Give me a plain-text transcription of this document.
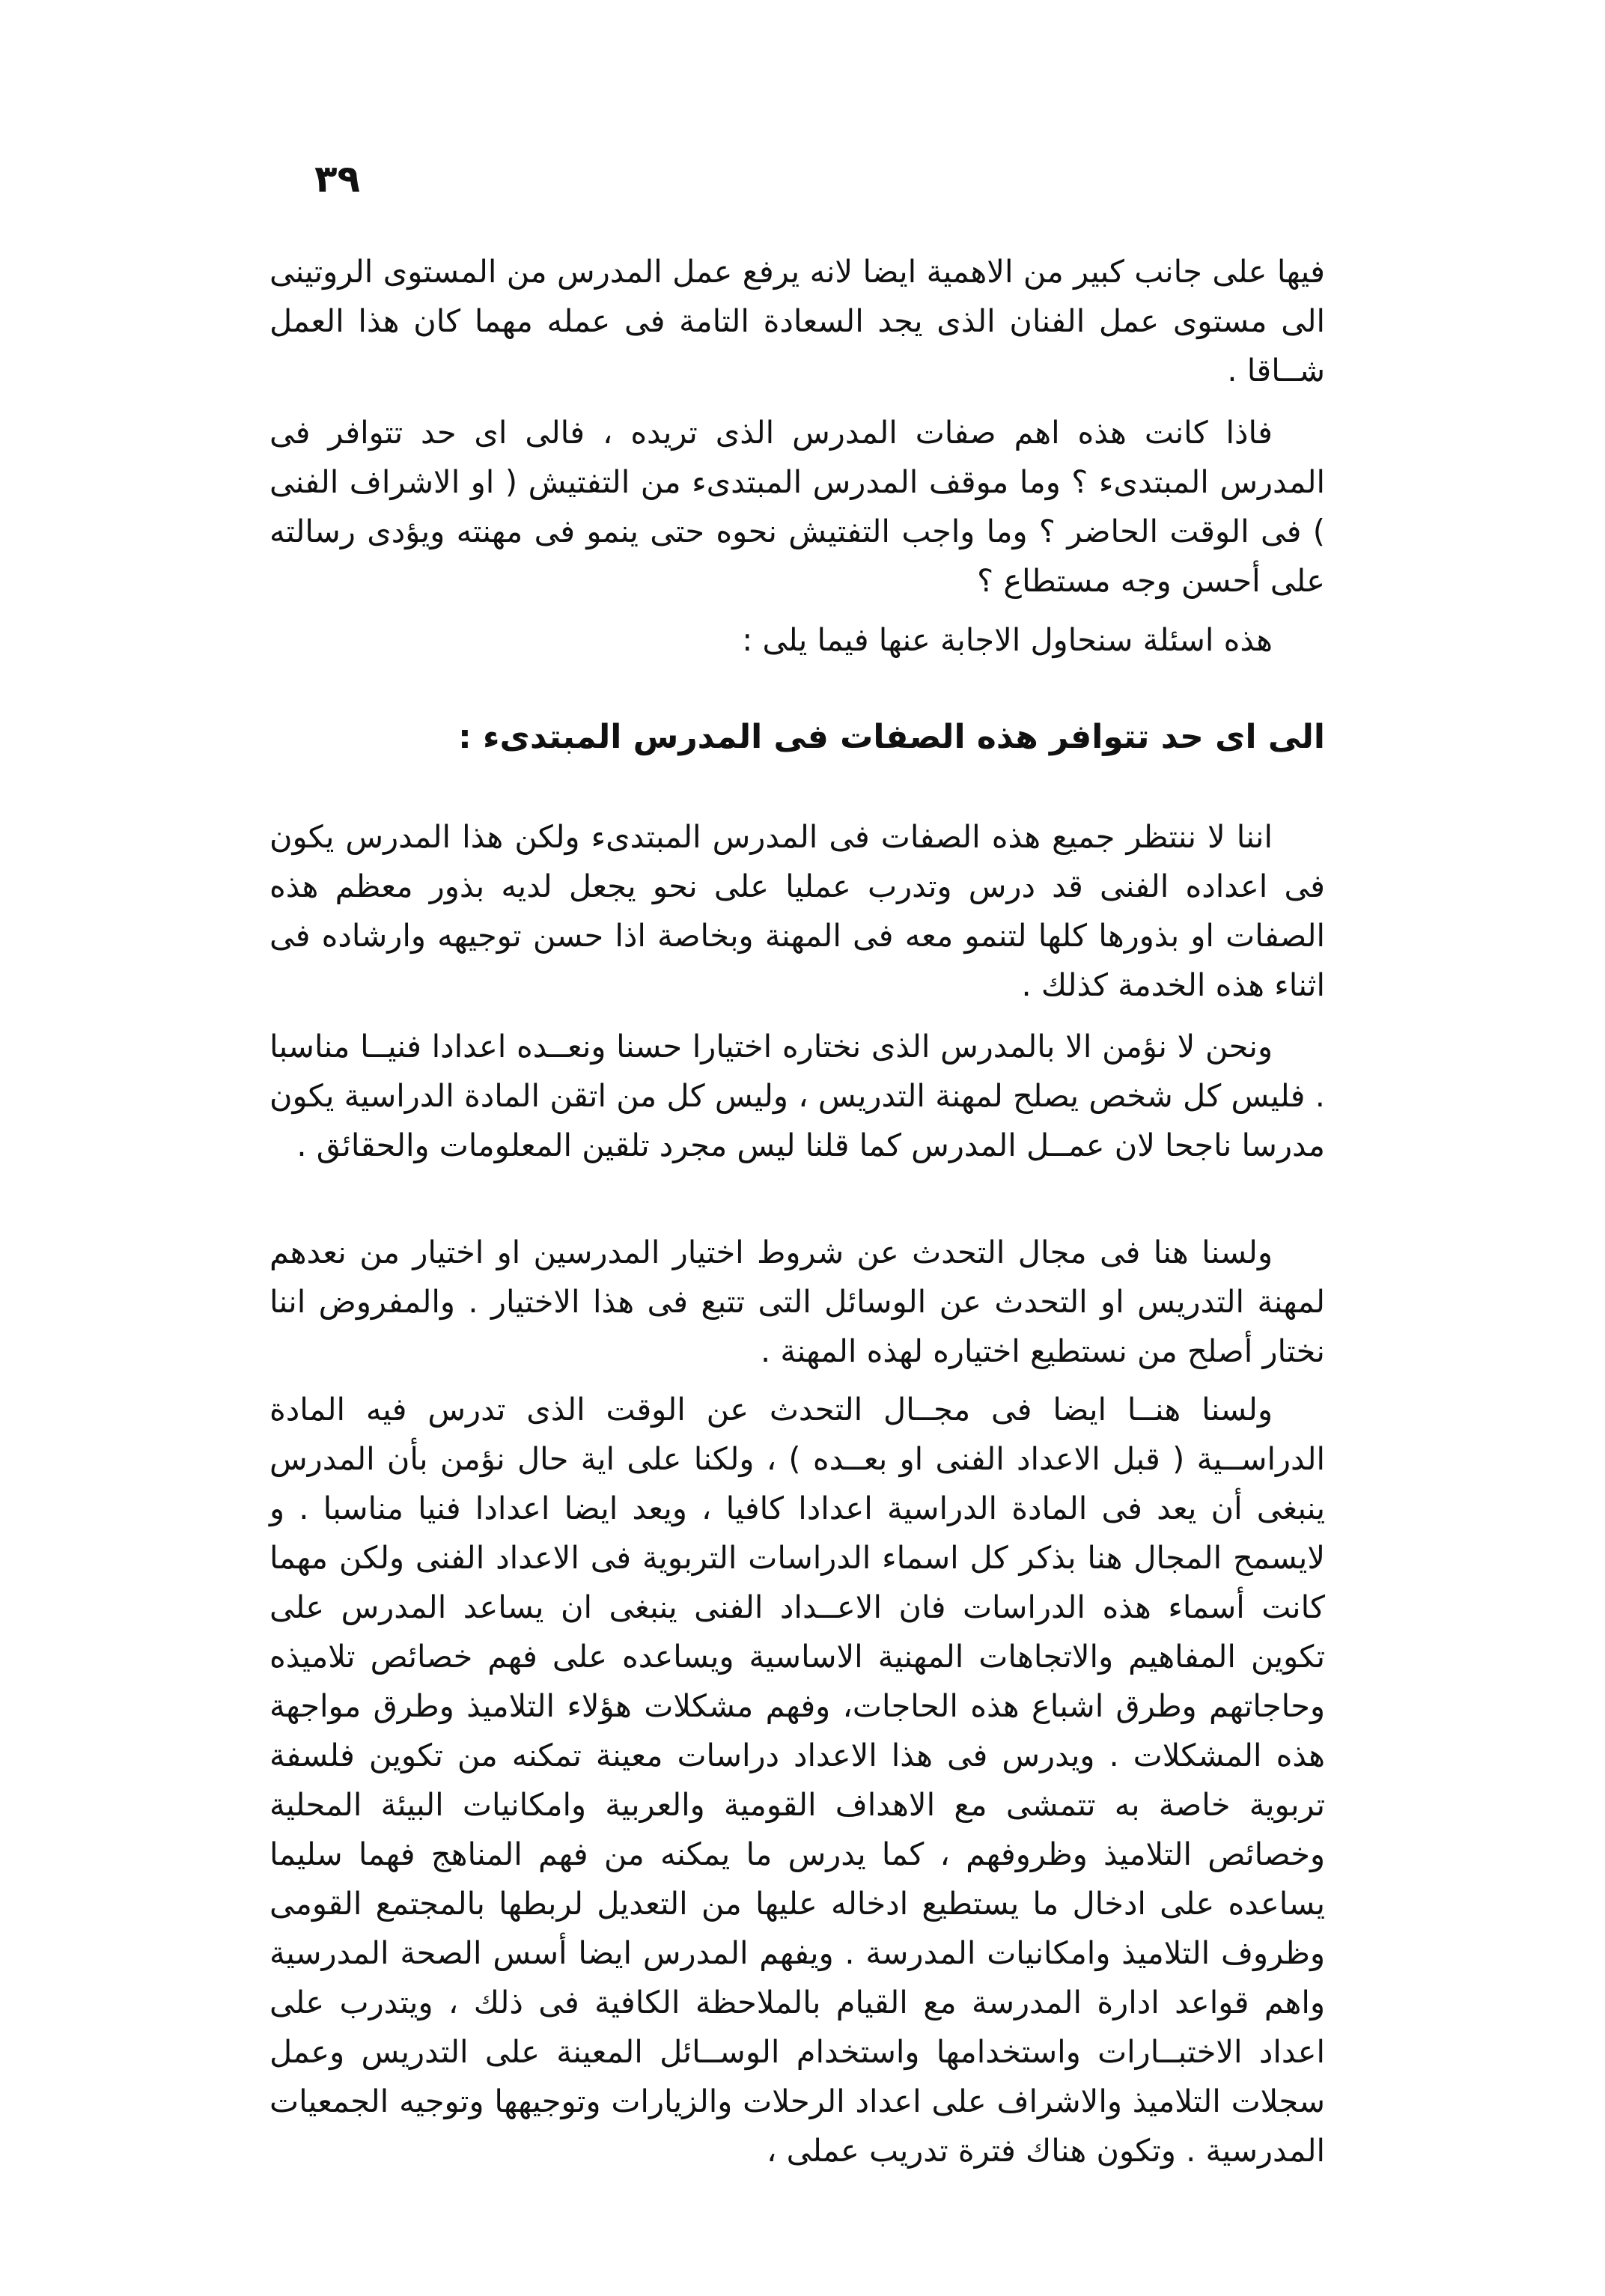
٣٩

فيها على جانب كبير من الاهمية ايضا لانه يرفع عمل المدرس من المستوى الروتينى الى مستوى عمل الفنان الذى يجد السعادة التامة فى عمله مهما كان هذا العمل شــاقا .

فاذا كانت هذه اهم صفات المدرس الذى تريده ، فالى اى حد تتوافر فى المدرس المبتدىء ؟ وما موقف المدرس المبتدىء من التفتيش ( او الاشراف الفنى ) فى الوقت الحاضر ؟ وما واجب التفتيش نحوه حتى ينمو فى مهنته ويؤدى رسالته على أحسن وجه مستطاع ؟

هذه اسئلة سنحاول الاجابة عنها فيما يلى :

الى اى حد تتوافر هذه الصفات فى المدرس المبتدىء :

اننا لا ننتظر جميع هذه الصفات فى المدرس المبتدىء ولكن هذا المدرس يكون فى اعداده الفنى قد درس وتدرب عمليا على نحو يجعل لديه بذور معظم هذه الصفات او بذورها كلها لتنمو معه فى المهنة وبخاصة اذا حسن توجيهه وارشاده فى اثناء هذه الخدمة كذلك .

ونحن لا نؤمن الا بالمدرس الذى نختاره اختيارا حسنا ونعــده اعدادا فنيــا مناسبا . فليس كل شخص يصلح لمهنة التدريس ، وليس كل من اتقن المادة الدراسية يكون مدرسا ناجحا لان عمــل المدرس كما قلنا ليس مجرد تلقين المعلومات والحقائق .

ولسنا هنا فى مجال التحدث عن شروط اختيار المدرسين او اختيار من نعدهم لمهنة التدريس او التحدث عن الوسائل التى تتبع فى هذا الاختيار . والمفروض اننا نختار أصلح من نستطيع اختياره لهذه المهنة .

ولسنا هنــا ايضا فى مجــال التحدث عن الوقت الذى تدرس فيه المادة الدراســية ( قبل الاعداد الفنى او بعــده ) ، ولكنا على اية حال نؤمن بأن المدرس ينبغى أن يعد فى المادة الدراسية اعدادا كافيا ، ويعد ايضا اعدادا فنيا مناسبا . و لايسمح المجال هنا بذكر كل اسماء الدراسات التربوية فى الاعداد الفنى ولكن مهما كانت أسماء هذه الدراسات فان الاعــداد الفنى ينبغى ان يساعد المدرس على تكوين المفاهيم والاتجاهات المهنية الاساسية ويساعده على فهم خصائص تلاميذه وحاجاتهم وطرق اشباع هذه الحاجات، وفهم مشكلات هؤلاء التلاميذ وطرق مواجهة هذه المشكلات . ويدرس فى هذا الاعداد دراسات معينة تمكنه من تكوين فلسفة تربوية خاصة به تتمشى مع الاهداف القومية والعربية وامكانيات البيئة المحلية وخصائص التلاميذ وظروفهم ، كما يدرس ما يمكنه من فهم المناهج فهما سليما يساعده على ادخال ما يستطيع ادخاله عليها من التعديل لربطها بالمجتمع القومى وظروف التلاميذ وامكانيات المدرسة . ويفهم المدرس ايضا أسس الصحة المدرسية واهم قواعد ادارة المدرسة مع القيام بالملاحظة الكافية فى ذلك ، ويتدرب على اعداد الاختبــارات واستخدامها واستخدام الوســائل المعينة على التدريس وعمل سجلات التلاميذ والاشراف على اعداد الرحلات والزيارات وتوجيهها وتوجيه الجمعيات المدرسية . وتكون هناك فترة تدريب عملى ،
